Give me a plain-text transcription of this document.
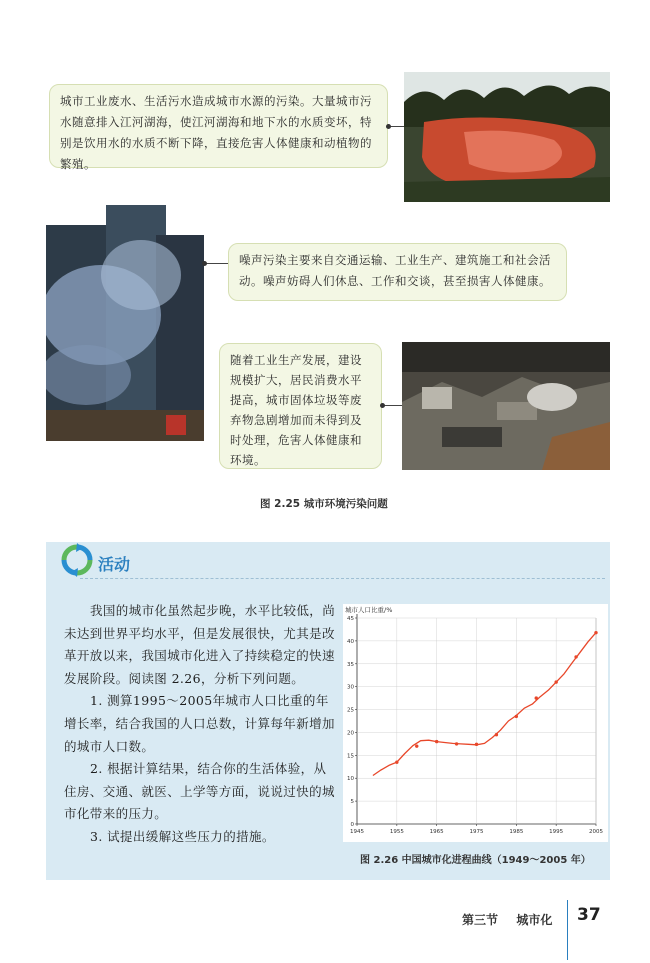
城市工业废水、生活污水造成城市水源的污染。大量城市污水随意排入江河湖海，使江河湖海和地下水的水质变坏，特别是饮用水的水质不断下降，直接危害人体健康和动植物的繁殖。
噪声污染主要来自交通运输、工业生产、建筑施工和社会活动。噪声妨碍人们休息、工作和交谈，甚至损害人体健康。
随着工业生产发展，建设规模扩大，居民消费水平提高，城市固体垃圾等废弃物急剧增加而未得到及时处理，危害人体健康和环境。
图 2.25 城市环境污染问题
活动

我国的城市化虽然起步晚，水平比较低，尚未达到世界平均水平，但是发展很快，尤其是改革开放以来，我国城市化进入了持续稳定的快速发展阶段。阅读图 2.26，分析下列问题。

1. 测算1995～2005年城市人口比重的年增长率，结合我国的人口总数，计算每年新增加的城市人口数。

2. 根据计算结果，结合你的生活体验，从住房、交通、就医、上学等方面，说说过快的城市化带来的压力。

3. 试提出缓解这些压力的措施。

城市人口比重/%
0
5
10
15
20
25
30
35
40
45
1945	1955	1965	1975	1985	1995	2005
图 2.26 中国城市化进程曲线（1949～2005 年）
第三节 城市化 37
